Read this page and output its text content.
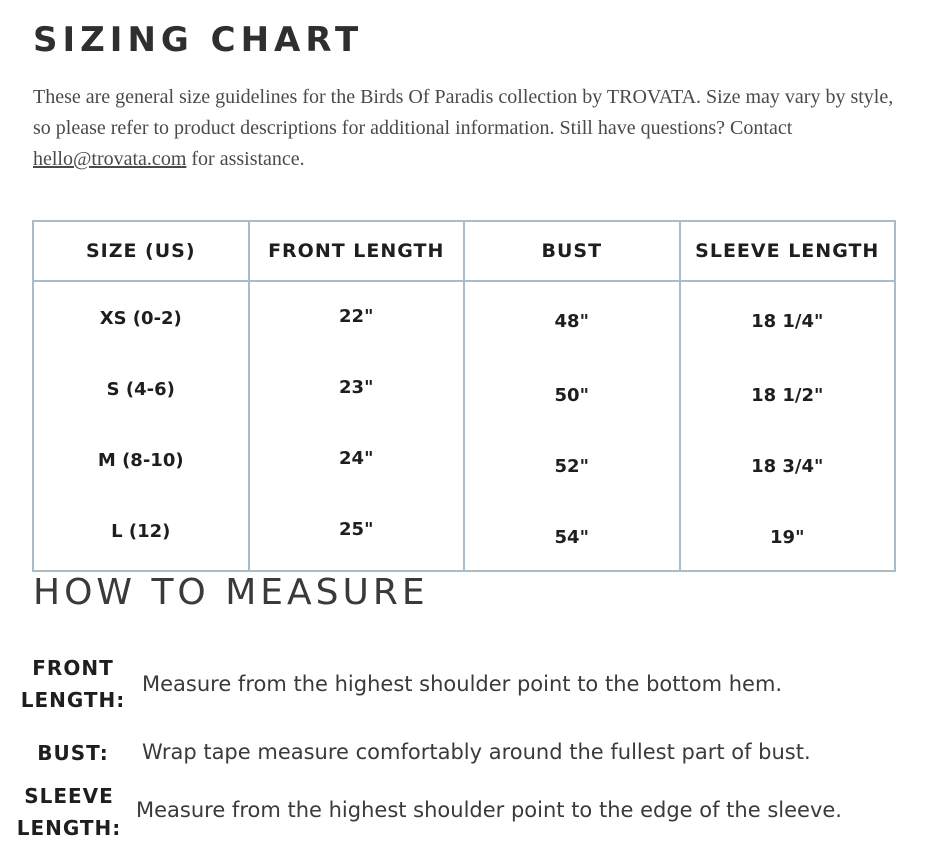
SIZING CHART

These are general size guidelines for the Birds Of Paradis collection by TROVATA. Size may vary by style, so please refer to product descriptions for additional information. Still have questions? Contact
hello@trovata.com for assistance.

SIZE (US)	FRONT LENGTH	BUST	SLEEVE LENGTH
XS (0-2)	22"	48"	18 1/4"
S (4-6)	23"	50"	18 1/2"
M (8-10)	24"	52"	18 3/4"
L (12)	25"	54"	19"
HOW TO MEASURE
FRONT
LENGTH:
Measure from the highest shoulder point to the bottom hem.
BUST:	Wrap tape measure comfortably around the fullest part of bust.
SLEEVE
LENGTH:
Measure from the highest shoulder point to the edge of the sleeve.
